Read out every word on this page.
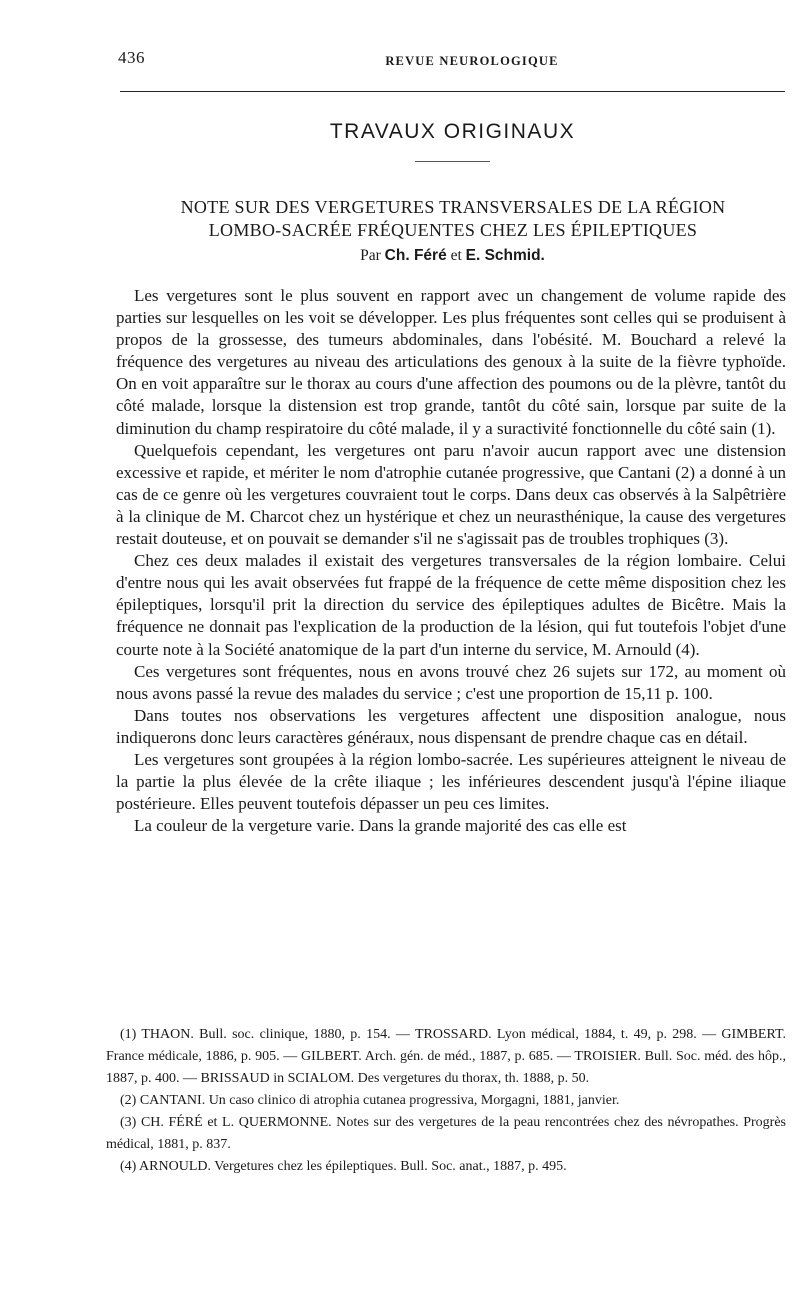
436	REVUE NEUROLOGIQUE
TRAVAUX ORIGINAUX
NOTE SUR DES VERGETURES TRANSVERSALES DE LA RÉGION
LOMBO-SACRÉE FRÉQUENTES CHEZ LES ÉPILEPTIQUES
Par Ch. Féré et E. Schmid.

Les vergetures sont le plus souvent en rapport avec un changement de volume rapide des parties sur lesquelles on les voit se développer. Les plus fréquentes sont celles qui se produisent à propos de la grossesse, des tumeurs abdominales, dans l'obésité. M. Bouchard a relevé la fréquence des vergetures au niveau des articulations des genoux à la suite de la fièvre typhoïde. On en voit apparaître sur le thorax au cours d'une affection des poumons ou de la plèvre, tantôt du côté malade, lorsque la distension est trop grande, tantôt du côté sain, lorsque par suite de la diminution du champ respiratoire du côté malade, il y a suractivité fonctionnelle du côté sain (1).

Quelquefois cependant, les vergetures ont paru n'avoir aucun rapport avec une distension excessive et rapide, et mériter le nom d'atrophie cutanée progressive, que Cantani (2) a donné à un cas de ce genre où les vergetures couvraient tout le corps. Dans deux cas observés à la Salpêtrière à la clinique de M. Charcot chez un hystérique et chez un neurasthénique, la cause des vergetures restait douteuse, et on pouvait se demander s'il ne s'agissait pas de troubles trophiques (3).

Chez ces deux malades il existait des vergetures transversales de la région lombaire. Celui d'entre nous qui les avait observées fut frappé de la fréquence de cette même disposition chez les épileptiques, lorsqu'il prit la direction du service des épileptiques adultes de Bicêtre. Mais la fréquence ne donnait pas l'explication de la production de la lésion, qui fut toutefois l'objet d'une courte note à la Société anatomique de la part d'un interne du service, M. Arnould (4).

Ces vergetures sont fréquentes, nous en avons trouvé chez 26 sujets sur 172, au moment où nous avons passé la revue des malades du service ; c'est une proportion de 15,11 p. 100.

Dans toutes nos observations les vergetures affectent une disposition analogue, nous indiquerons donc leurs caractères généraux, nous dispensant de prendre chaque cas en détail.

Les vergetures sont groupées à la région lombo-sacrée. Les supérieures atteignent le niveau de la partie la plus élevée de la crête iliaque ; les inférieures descendent jusqu'à l'épine iliaque postérieure. Elles peuvent toutefois dépasser un peu ces limites.

La couleur de la vergeture varie. Dans la grande majorité des cas elle est

(1) THAON. Bull. soc. clinique, 1880, p. 154. — TROSSARD. Lyon médical, 1884, t. 49, p. 298. — GIMBERT. France médicale, 1886, p. 905. — GILBERT. Arch. gén. de méd., 1887, p. 685. — TROISIER. Bull. Soc. méd. des hôp., 1887, p. 400. — BRISSAUD in SCIALOM. Des vergetures du thorax, th. 1888, p. 50.

(2) CANTANI. Un caso clinico di atrophia cutanea progressiva, Morgagni, 1881, janvier.

(3) CH. FÉRÉ et L. QUERMONNE. Notes sur des vergetures de la peau rencontrées chez des névropathes. Progrès médical, 1881, p. 837.

(4) ARNOULD. Vergetures chez les épileptiques. Bull. Soc. anat., 1887, p. 495.
